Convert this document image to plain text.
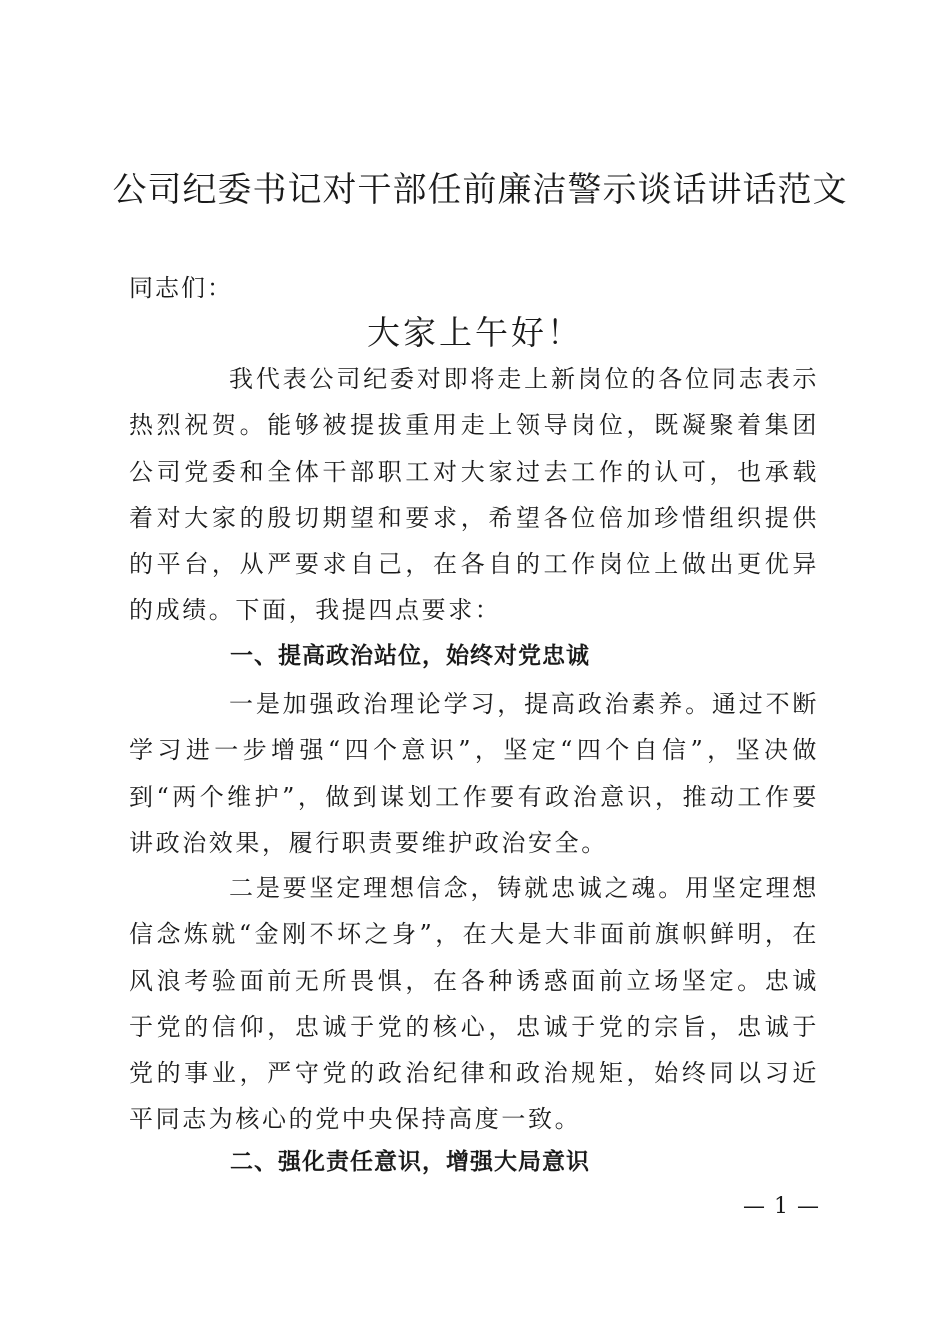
公司纪委书记对干部任前廉洁警示谈话讲话范文
同志们：
大家上午好！

我代表公司纪委对即将走上新岗位的各位同志表示热烈祝贺。能够被提拔重用走上领导岗位，既凝聚着集团公司党委和全体干部职工对大家过去工作的认可，也承载着对大家的殷切期望和要求，希望各位倍加珍惜组织提供的平台，从严要求自己，在各自的工作岗位上做出更优异的成绩。下面，我提四点要求：

一、提高政治站位，始终对党忠诚

一是加强政治理论学习，提高政治素养。通过不断学习进一步增强“四个意识”，坚定“四个自信”，坚决做到“两个维护”，做到谋划工作要有政治意识，推动工作要讲政治效果，履行职责要维护政治安全。

二是要坚定理想信念，铸就忠诚之魂。用坚定理想信念炼就“金刚不坏之身”，在大是大非面前旗帜鲜明，在风浪考验面前无所畏惧，在各种诱惑面前立场坚定。忠诚于党的信仰，忠诚于党的核心，忠诚于党的宗旨，忠诚于党的事业，严守党的政治纪律和政治规矩，始终同以习近平同志为核心的党中央保持高度一致。

二、强化责任意识，增强大局意识
— 1 —
